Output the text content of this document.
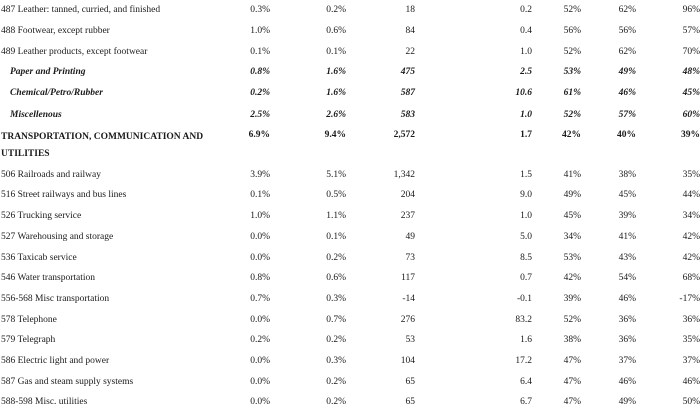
487 Leather: tanned, curried, and finished	0.3%	0.2%	18	0.2	52%	62%	96%
488 Footwear, except rubber	1.0%	0.6%	84	0.4	56%	56%	57%
489 Leather products, except footwear	0.1%	0.1%	22	1.0	52%	62%	70%
Paper and Printing	0.8%	1.6%	475	2.5	53%	49%	48%
Chemical/Petro/Rubber	0.2%	1.6%	587	10.6	61%	46%	45%
Miscellenous	2.5%	2.6%	583	1.0	52%	57%	60%
TRANSPORTATION, COMMUNICATION AND UTILITIES	6.9%	9.4%	2,572	1.7	42%	40%	39%
506 Railroads and railway	3.9%	5.1%	1,342	1.5	41%	38%	35%
516 Street railways and bus lines	0.1%	0.5%	204	9.0	49%	45%	44%
526 Trucking service	1.0%	1.1%	237	1.0	45%	39%	34%
527 Warehousing and storage	0.0%	0.1%	49	5.0	34%	41%	42%
536 Taxicab service	0.0%	0.2%	73	8.5	53%	43%	42%
546 Water transportation	0.8%	0.6%	117	0.7	42%	54%	68%
556-568 Misc transportation	0.7%	0.3%	-14	-0.1	39%	46%	-17%
578 Telephone	0.0%	0.7%	276	83.2	52%	36%	36%
579 Telegraph	0.2%	0.2%	53	1.6	38%	36%	35%
586 Electric light and power	0.0%	0.3%	104	17.2	47%	37%	37%
587 Gas and steam supply systems	0.0%	0.2%	65	6.4	47%	46%	46%
588-598 Misc. utilities	0.0%	0.2%	65	6.7	47%	49%	50%
